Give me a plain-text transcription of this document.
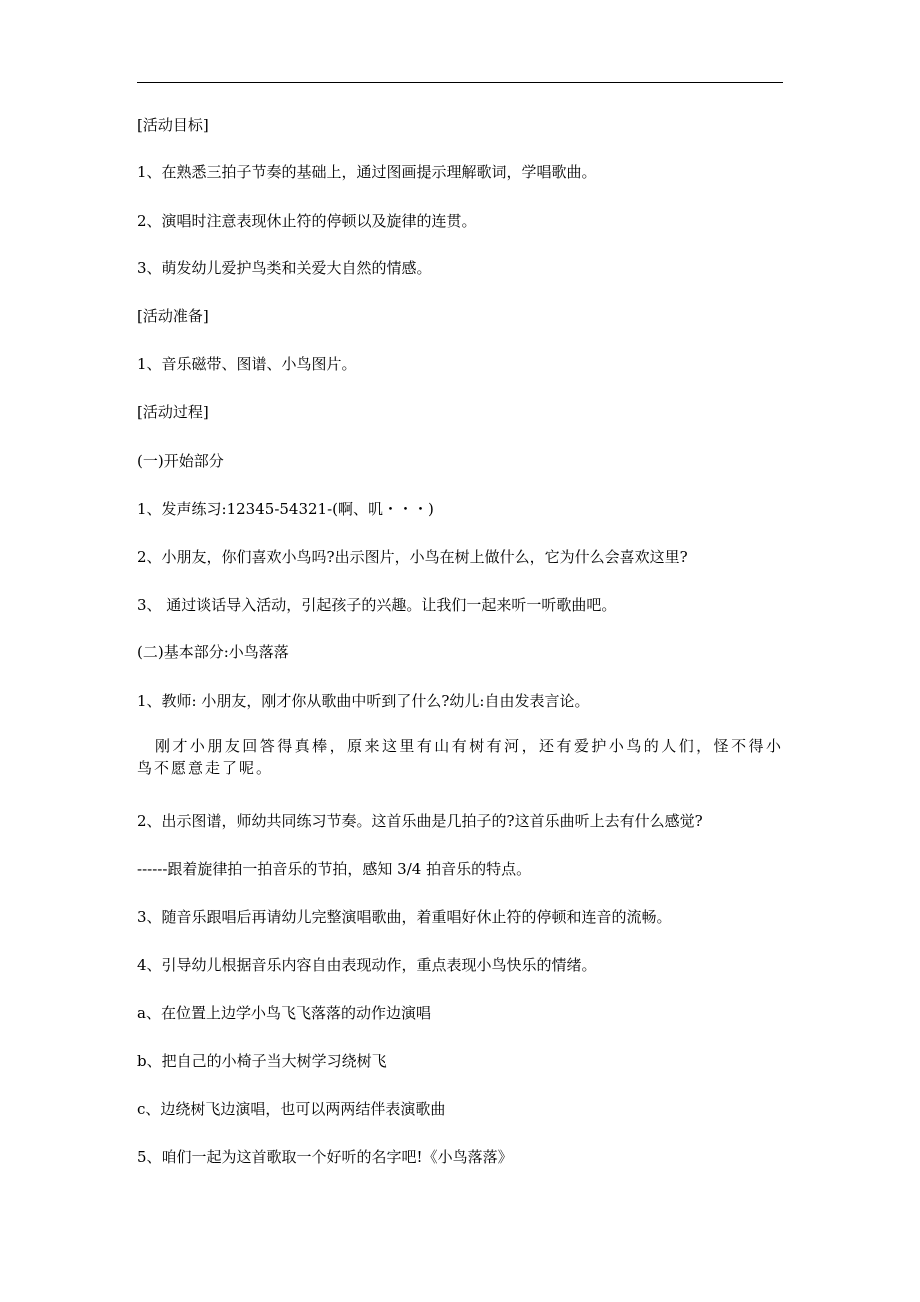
[活动目标]
1、在熟悉三拍子节奏的基础上，通过图画提示理解歌词，学唱歌曲。
2、演唱时注意表现休止符的停顿以及旋律的连贯。
3、萌发幼儿爱护鸟类和关爱大自然的情感。
[活动准备]
1、音乐磁带、图谱、小鸟图片。
[活动过程]
(一)开始部分
1、发声练习:12345-54321-(啊、叽・・・)
2、小朋友，你们喜欢小鸟吗?出示图片，小鸟在树上做什么，它为什么会喜欢这里?
3、 通过谈话导入活动，引起孩子的兴趣。让我们一起来听一听歌曲吧。
(二)基本部分:小鸟落落
1、教师: 小朋友，刚才你从歌曲中听到了什么?幼儿:自由发表言论。
刚才小朋友回答得真棒，原来这里有山有树有河，还有爱护小鸟的人们，怪不得小鸟不愿意走了呢。
2、出示图谱，师幼共同练习节奏。这首乐曲是几拍子的?这首乐曲听上去有什么感觉?
------跟着旋律拍一拍音乐的节拍，感知 3/4 拍音乐的特点。
3、随音乐跟唱后再请幼儿完整演唱歌曲，着重唱好休止符的停顿和连音的流畅。
4、引导幼儿根据音乐内容自由表现动作，重点表现小鸟快乐的情绪。
a、在位置上边学小鸟飞飞落落的动作边演唱
b、把自己的小椅子当大树学习绕树飞
c、边绕树飞边演唱，也可以两两结伴表演歌曲
5、咱们一起为这首歌取一个好听的名字吧!《小鸟落落》
